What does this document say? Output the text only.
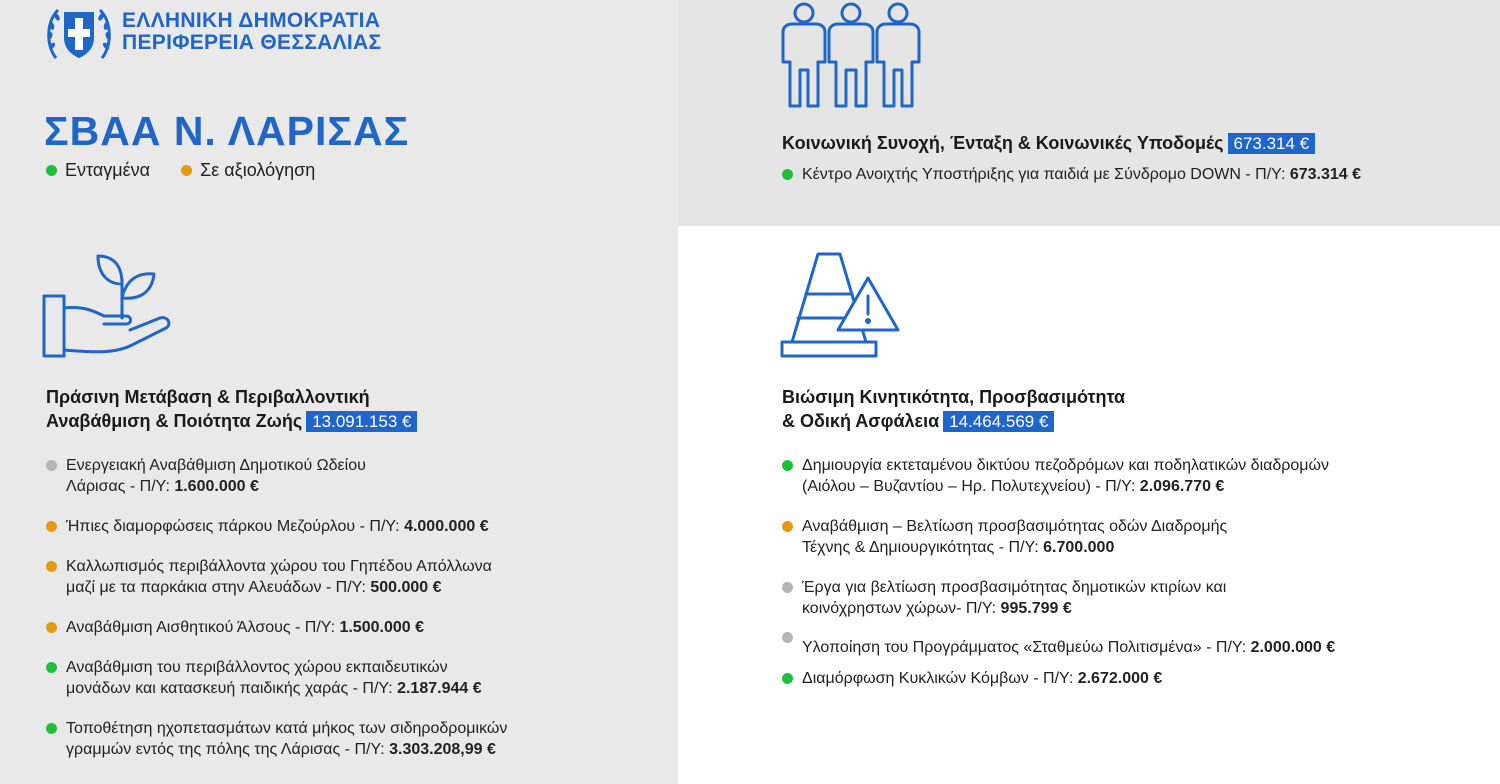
ΕΛΛΗΝΙΚΗ ΔΗΜΟΚΡΑΤΙΑ
ΠΕΡΙΦΕΡΕΙΑ ΘΕΣΣΑΛΙΑΣ
ΣΒΑΑ Ν. ΛΑΡΙΣΑΣ
Ενταγμένα
	Σε αξιολόγηση
Πράσινη Μετάβαση & Περιβαλλοντική
Αναβάθμιση & Ποιότητα Ζωής 13.091.153 €
Ενεργειακή Αναβάθμιση Δημοτικού Ωδείου
Λάρισας - Π/Υ: 1.600.000 €
Ήπιες διαμορφώσεις πάρκου Μεζούρλου - Π/Υ: 4.000.000 €
Καλλωπισμός περιβάλλοντα χώρου του Γηπέδου Απόλλωνα
μαζί με τα παρκάκια στην Αλευάδων - Π/Υ: 500.000 €
Αναβάθμιση Αισθητικού Άλσους - Π/Υ: 1.500.000 €
Αναβάθμιση του περιβάλλοντος χώρου εκπαιδευτικών
μονάδων και κατασκευή παιδικής χαράς - Π/Υ: 2.187.944 €
Τοποθέτηση ηχοπετασμάτων κατά μήκος των σιδηροδρομικών
γραμμών εντός της πόλης της Λάρισας - Π/Υ: 3.303.208,99 €
Κοινωνική Συνοχή, Ένταξη & Κοινωνικές Υποδομές 673.314 €
Κέντρο Ανοιχτής Υποστήριξης για παιδιά με Σύνδρομο DOWN - Π/Υ: 673.314 €
Βιώσιμη Κινητικότητα, Προσβασιμότητα
& Οδική Ασφάλεια 14.464.569 €
Δημιουργία εκτεταμένου δικτύου πεζοδρόμων και ποδηλατικών διαδρομών
(Αιόλου – Βυζαντίου – Ηρ. Πολυτεχνείου) - Π/Υ: 2.096.770 €
Αναβάθμιση – Βελτίωση προσβασιμότητας οδών Διαδρομής
Τέχνης & Δημιουργικότητας - Π/Υ: 6.700.000
Έργα για βελτίωση προσβασιμότητας δημοτικών κτιρίων και
κοινόχρηστων χώρων- Π/Υ: 995.799 €
Υλοποίηση του Προγράμματος «Σταθμεύω Πολιτισμένα» - Π/Υ: 2.000.000 €
Διαμόρφωση Κυκλικών Κόμβων - Π/Υ: 2.672.000 €
